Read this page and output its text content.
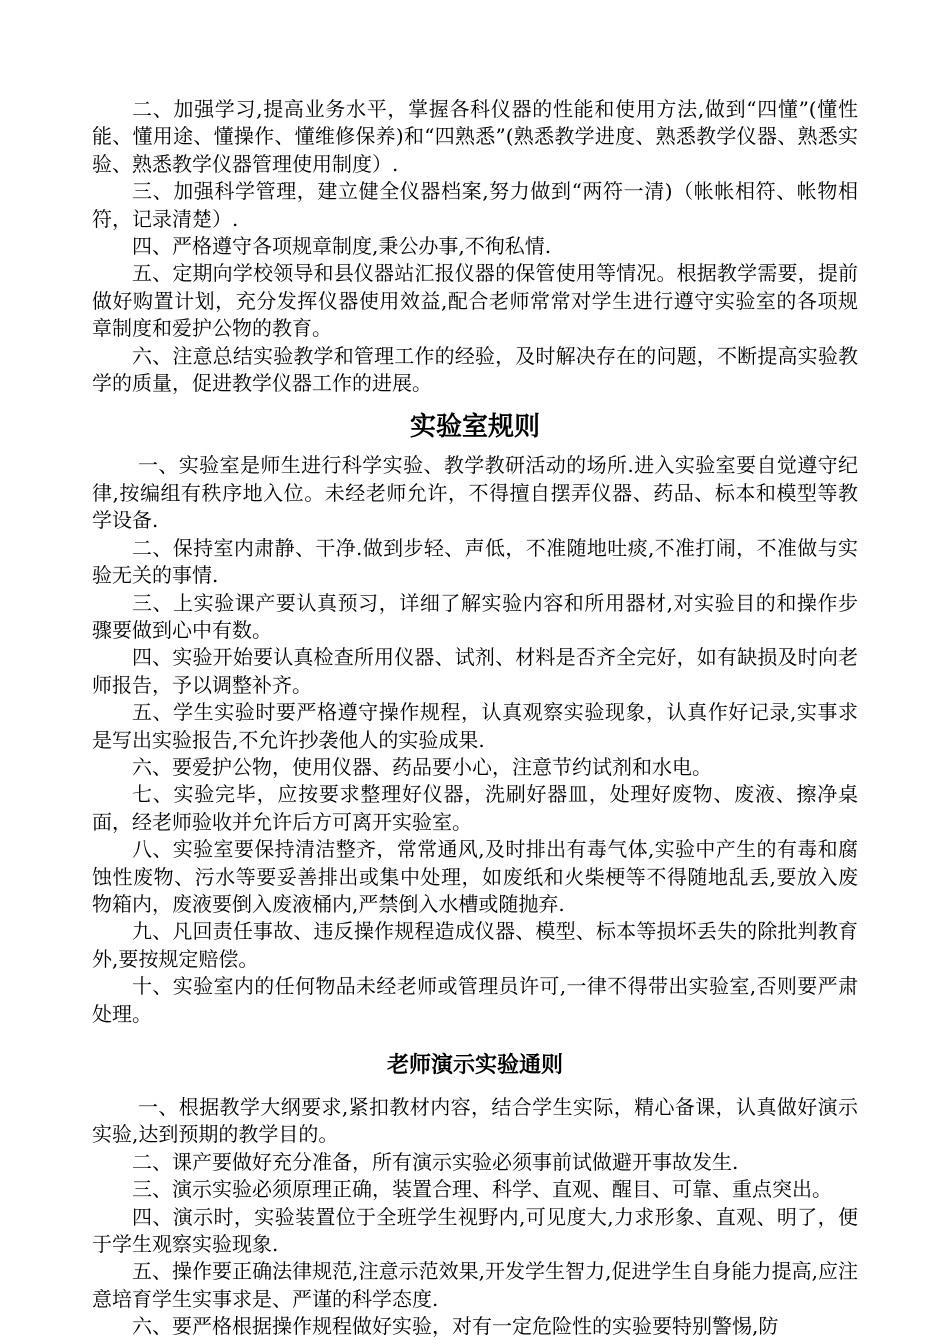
二、加强学习,提高业务水平，掌握各科仪器的性能和使用方法,做到“四懂”(懂性能、懂用途、懂操作、懂维修保养)和“四熟悉”(熟悉教学进度、熟悉教学仪器、熟悉实验、熟悉教学仪器管理使用制度）.

三、加强科学管理，建立健全仪器档案,努力做到“两符一清)（帐帐相符、帐物相符，记录清楚）.

四、严格遵守各项规章制度,秉公办事,不徇私情.

五、定期向学校领导和县仪器站汇报仪器的保管使用等情况。根据教学需要，提前做好购置计划，充分发挥仪器使用效益,配合老师常常对学生进行遵守实验室的各项规章制度和爱护公物的教育。

六、注意总结实验教学和管理工作的经验，及时解决存在的问题，不断提高实验教学的质量，促进教学仪器工作的进展。

实验室规则

一、实验室是师生进行科学实验、教学教研活动的场所.进入实验室要自觉遵守纪律,按编组有秩序地入位。未经老师允许，不得擅自摆弄仪器、药品、标本和模型等教学设备.

二、保持室内肃静、干净.做到步轻、声低，不准随地吐痰,不准打闹，不准做与实验无关的事情.

三、上实验课产要认真预习，详细了解实验内容和所用器材,对实验目的和操作步骤要做到心中有数。

四、实验开始要认真检查所用仪器、试剂、材料是否齐全完好，如有缺损及时向老师报告，予以调整补齐。

五、学生实验时要严格遵守操作规程，认真观察实验现象，认真作好记录,实事求是写出实验报告,不允许抄袭他人的实验成果.

六、要爱护公物，使用仪器、药品要小心，注意节约试剂和水电。

七、实验完毕，应按要求整理好仪器，洗刷好器皿，处理好废物、废液、擦净桌面，经老师验收并允许后方可离开实验室。

八、实验室要保持清洁整齐，常常通风,及时排出有毒气体,实验中产生的有毒和腐蚀性废物、污水等要妥善排出或集中处理，如废纸和火柴梗等不得随地乱丢,要放入废物箱内，废液要倒入废液桶内,严禁倒入水槽或随抛弃.

九、凡回责任事故、违反操作规程造成仪器、模型、标本等损坏丢失的除批判教育外,要按规定赔偿。

十、实验室内的任何物品未经老师或管理员许可,一律不得带出实验室,否则要严肃处理。

老师演示实验通则

一、根据教学大纲要求,紧扣教材内容，结合学生实际，精心备课，认真做好演示实验,达到预期的教学目的。

二、课产要做好充分准备，所有演示实验必须事前试做避开事故发生.

三、演示实验必须原理正确，装置合理、科学、直观、醒目、可靠、重点突出。

四、演示时，实验装置位于全班学生视野内,可见度大,力求形象、直观、明了，便于学生观察实验现象.

五、操作要正确法律规范,注意示范效果,开发学生智力,促进学生自身能力提高,应注意培育学生实事求是、严谨的科学态度.

六、要严格根据操作规程做好实验，对有一定危险性的实验要特别警惕,防
